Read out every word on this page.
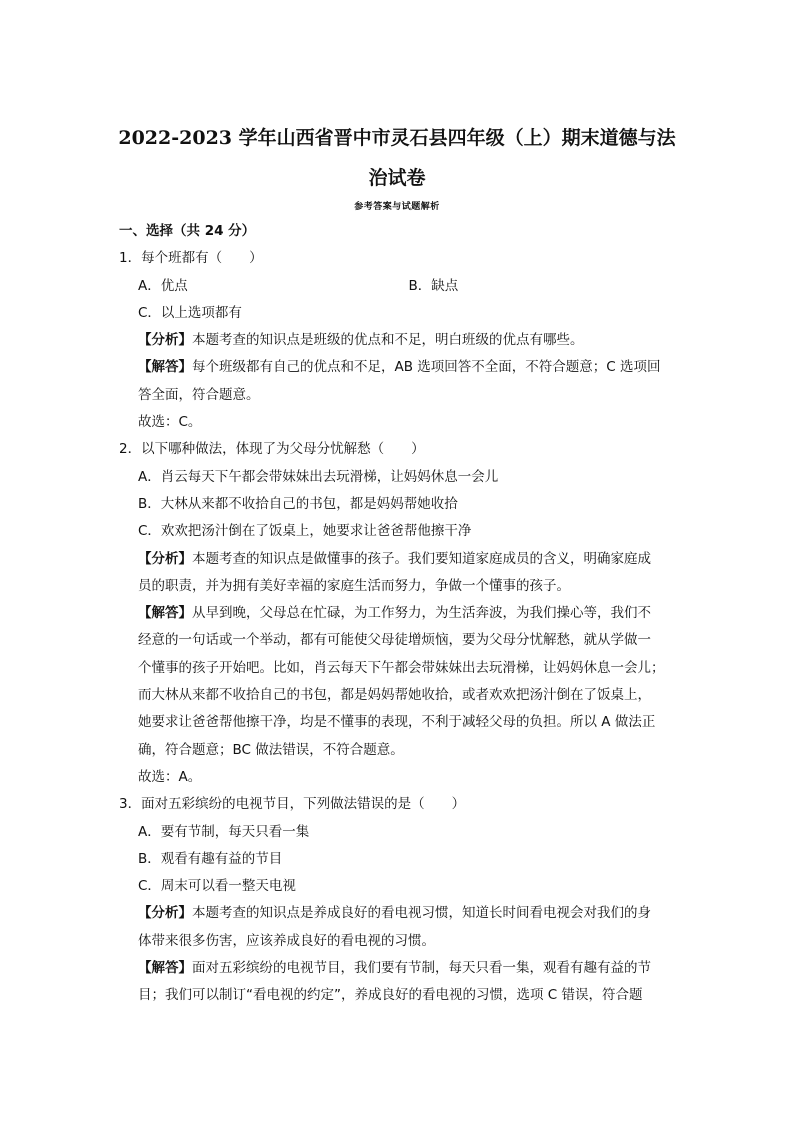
2022-2023 学年山西省晋中市灵石县四年级（上）期末道德与法治试卷
参考答案与试题解析
一、选择（共 24 分）
1．每个班都有（　　）
A．优点	B．缺点
C．以上选项都有
【分析】本题考查的知识点是班级的优点和不足，明白班级的优点有哪些。
【解答】每个班级都有自己的优点和不足，AB 选项回答不全面，不符合题意；C 选项回
答全面，符合题意。
故选：C。
2．以下哪种做法，体现了为父母分忧解愁（　　）
A．肖云每天下午都会带妹妹出去玩滑梯，让妈妈休息一会儿
B．大林从来都不收拾自己的书包，都是妈妈帮她收拾
C．欢欢把汤汁倒在了饭桌上，她要求让爸爸帮他擦干净
【分析】本题考查的知识点是做懂事的孩子。我们要知道家庭成员的含义，明确家庭成
员的职责，并为拥有美好幸福的家庭生活而努力，争做一个懂事的孩子。
【解答】从早到晚，父母总在忙碌，为工作努力，为生活奔波，为我们操心等，我们不
经意的一句话或一个举动，都有可能使父母徒增烦恼，要为父母分忧解愁，就从学做一
个懂事的孩子开始吧。比如，肖云每天下午都会带妹妹出去玩滑梯，让妈妈休息一会儿；
而大林从来都不收拾自己的书包，都是妈妈帮她收拾，或者欢欢把汤汁倒在了饭桌上，
她要求让爸爸帮他擦干净，均是不懂事的表现，不利于减轻父母的负担。所以 A 做法正
确，符合题意；BC 做法错误，不符合题意。
故选：A。
3．面对五彩缤纷的电视节目，下列做法错误的是（　　）
A．要有节制，每天只看一集
B．观看有趣有益的节目
C．周末可以看一整天电视
【分析】本题考查的知识点是养成良好的看电视习惯，知道长时间看电视会对我们的身
体带来很多伤害，应该养成良好的看电视的习惯。
【解答】面对五彩缤纷的电视节目，我们要有节制，每天只看一集，观看有趣有益的节
目；我们可以制订“看电视的约定”，养成良好的看电视的习惯，选项 C 错误，符合题
